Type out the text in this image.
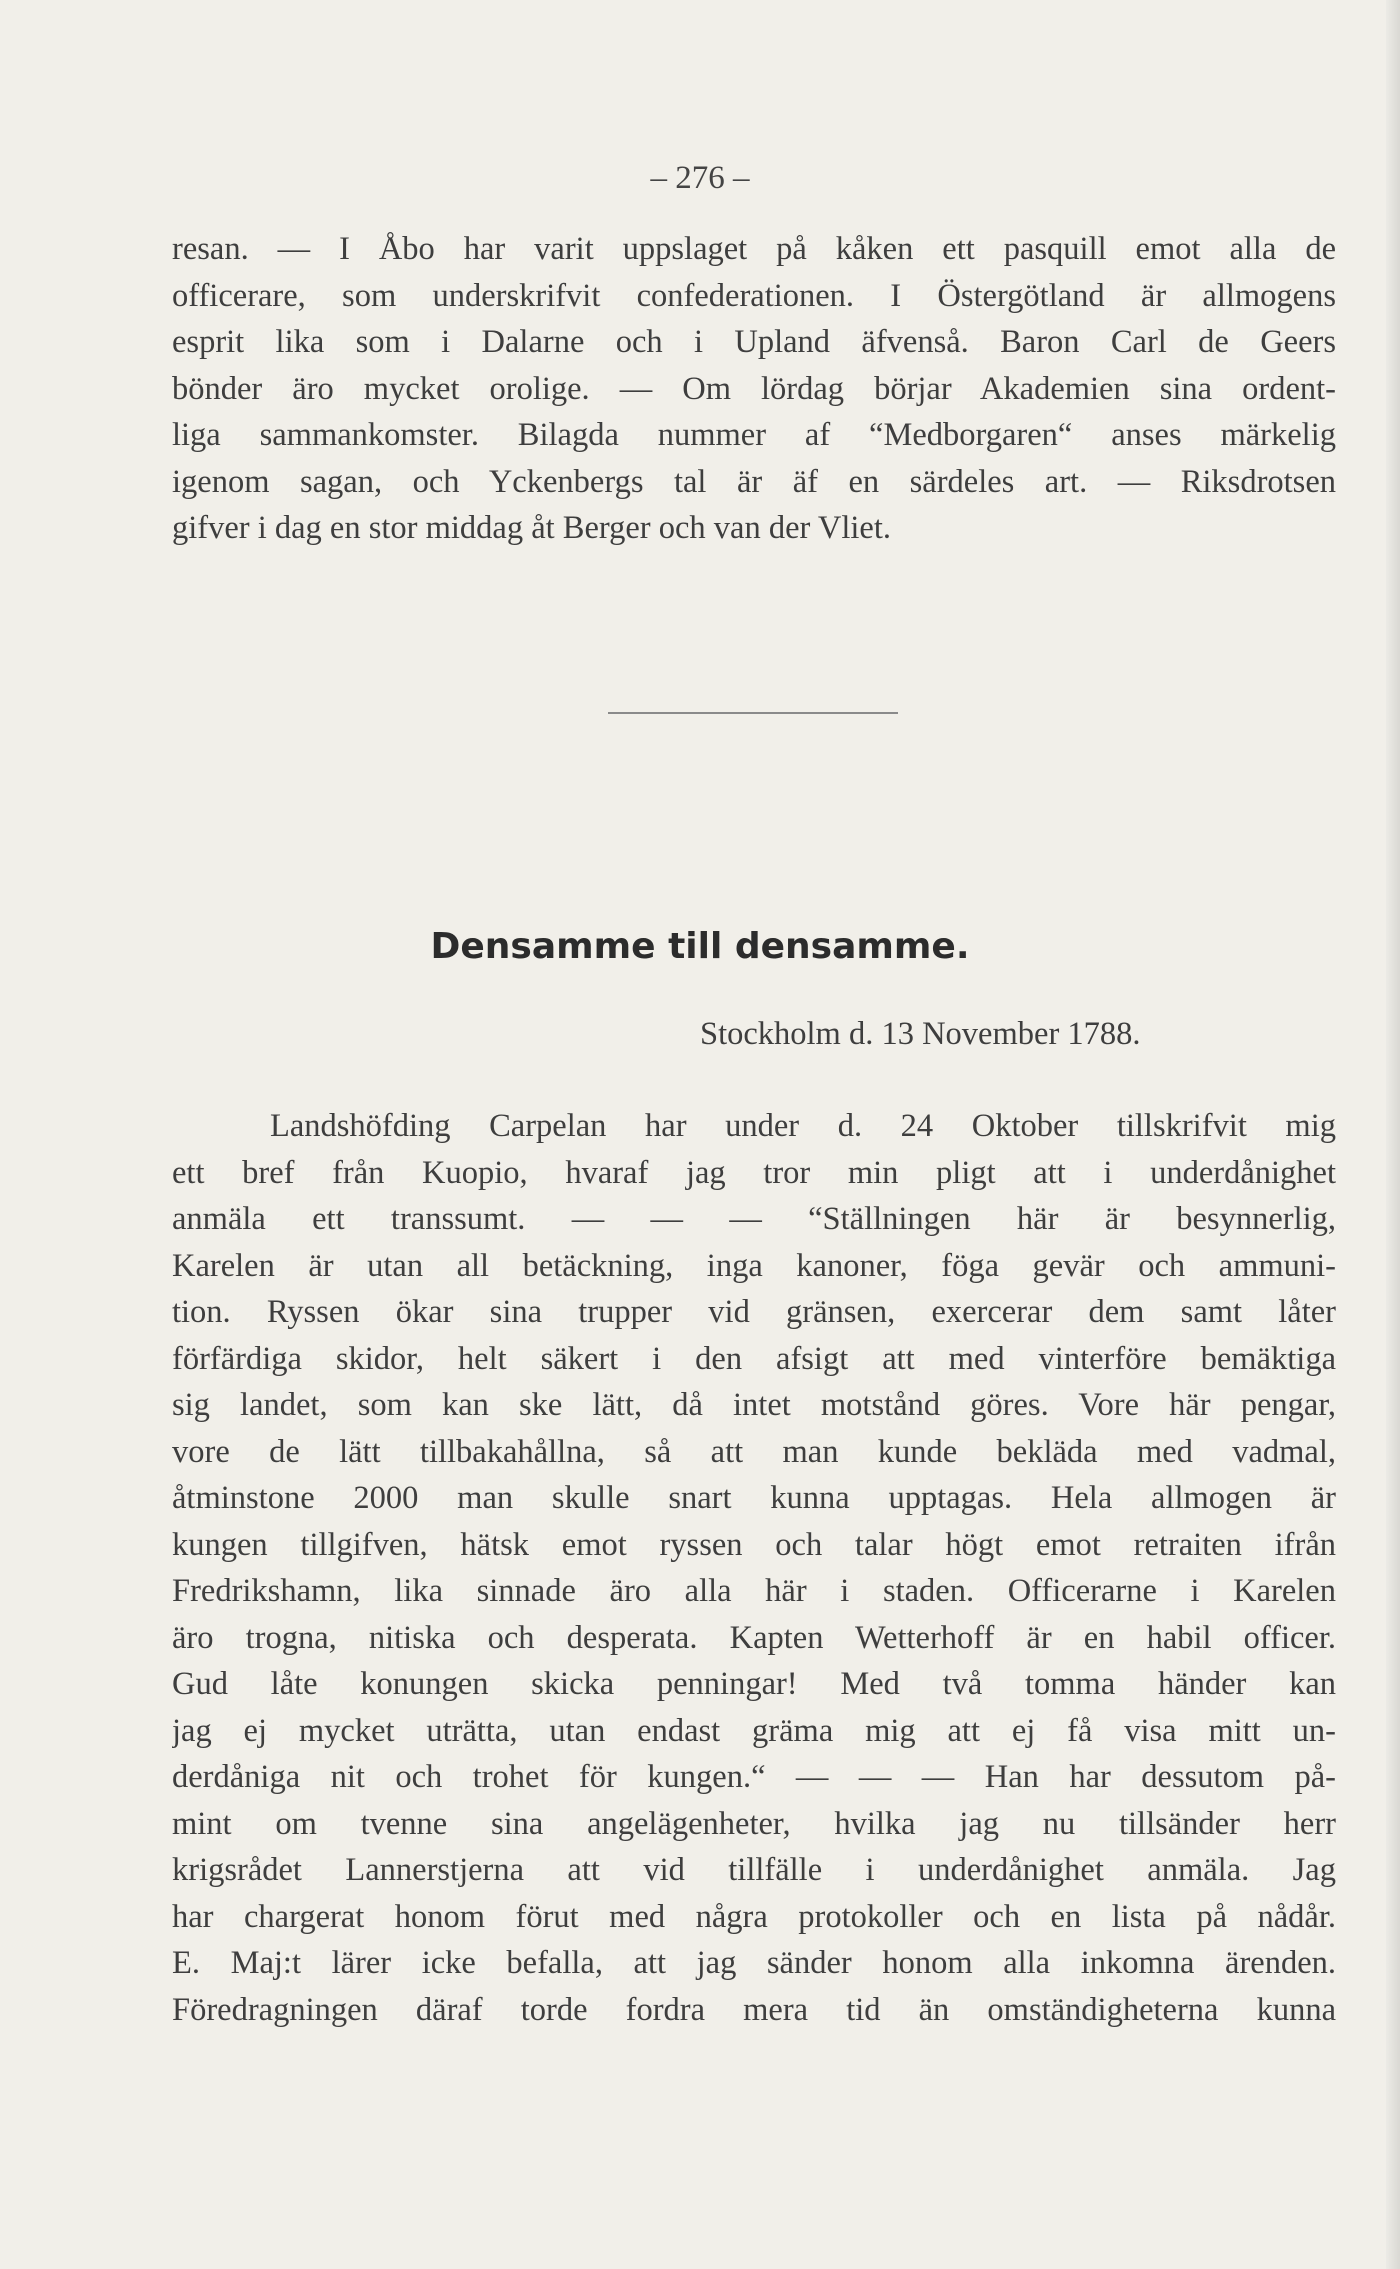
– 276 –
resan. — I Åbo har varit uppslaget på kåken ett pasquill emot alla de
officerare, som underskrifvit confederationen. I Östergötland är allmogens
esprit lika som i Dalarne och i Upland äfvenså. Baron Carl de Geers
bönder äro mycket orolige. — Om lördag börjar Akademien sina ordent-
liga sammankomster. Bilagda nummer af “Medborgaren“ anses märkelig
igenom sagan, och Yckenbergs tal är äf en särdeles art. — Riksdrotsen
gifver i dag en stor middag åt Berger och van der Vliet.
Densamme till densamme.
Stockholm d. 13 November 1788.
Landshöfding Carpelan har under d. 24 Oktober tillskrifvit mig
ett bref från Kuopio, hvaraf jag tror min pligt att i underdånighet
anmäla ett transsumt. — — — “Ställningen här är besynnerlig,
Karelen är utan all betäckning, inga kanoner, föga gevär och ammuni-
tion. Ryssen ökar sina trupper vid gränsen, exercerar dem samt låter
förfärdiga skidor, helt säkert i den afsigt att med vinterföre bemäktiga
sig landet, som kan ske lätt, då intet motstånd göres. Vore här pengar,
vore de lätt tillbakahållna, så att man kunde bekläda med vadmal,
åtminstone 2000 man skulle snart kunna upptagas. Hela allmogen är
kungen tillgifven, hätsk emot ryssen och talar högt emot retraiten ifrån
Fredrikshamn, lika sinnade äro alla här i staden. Officerarne i Karelen
äro trogna, nitiska och desperata. Kapten Wetterhoff är en habil officer.
Gud låte konungen skicka penningar! Med två tomma händer kan
jag ej mycket uträtta, utan endast gräma mig att ej få visa mitt un-
derdåniga nit och trohet för kungen.“ — — — Han har dessutom på-
mint om tvenne sina angelägenheter, hvilka jag nu tillsänder herr
krigsrådet Lannerstjerna att vid tillfälle i underdånighet anmäla. Jag
har chargerat honom förut med några protokoller och en lista på nådår.
E. Maj:t lärer icke befalla, att jag sänder honom alla inkomna ärenden.
Föredragningen däraf torde fordra mera tid än omständigheterna kunna
